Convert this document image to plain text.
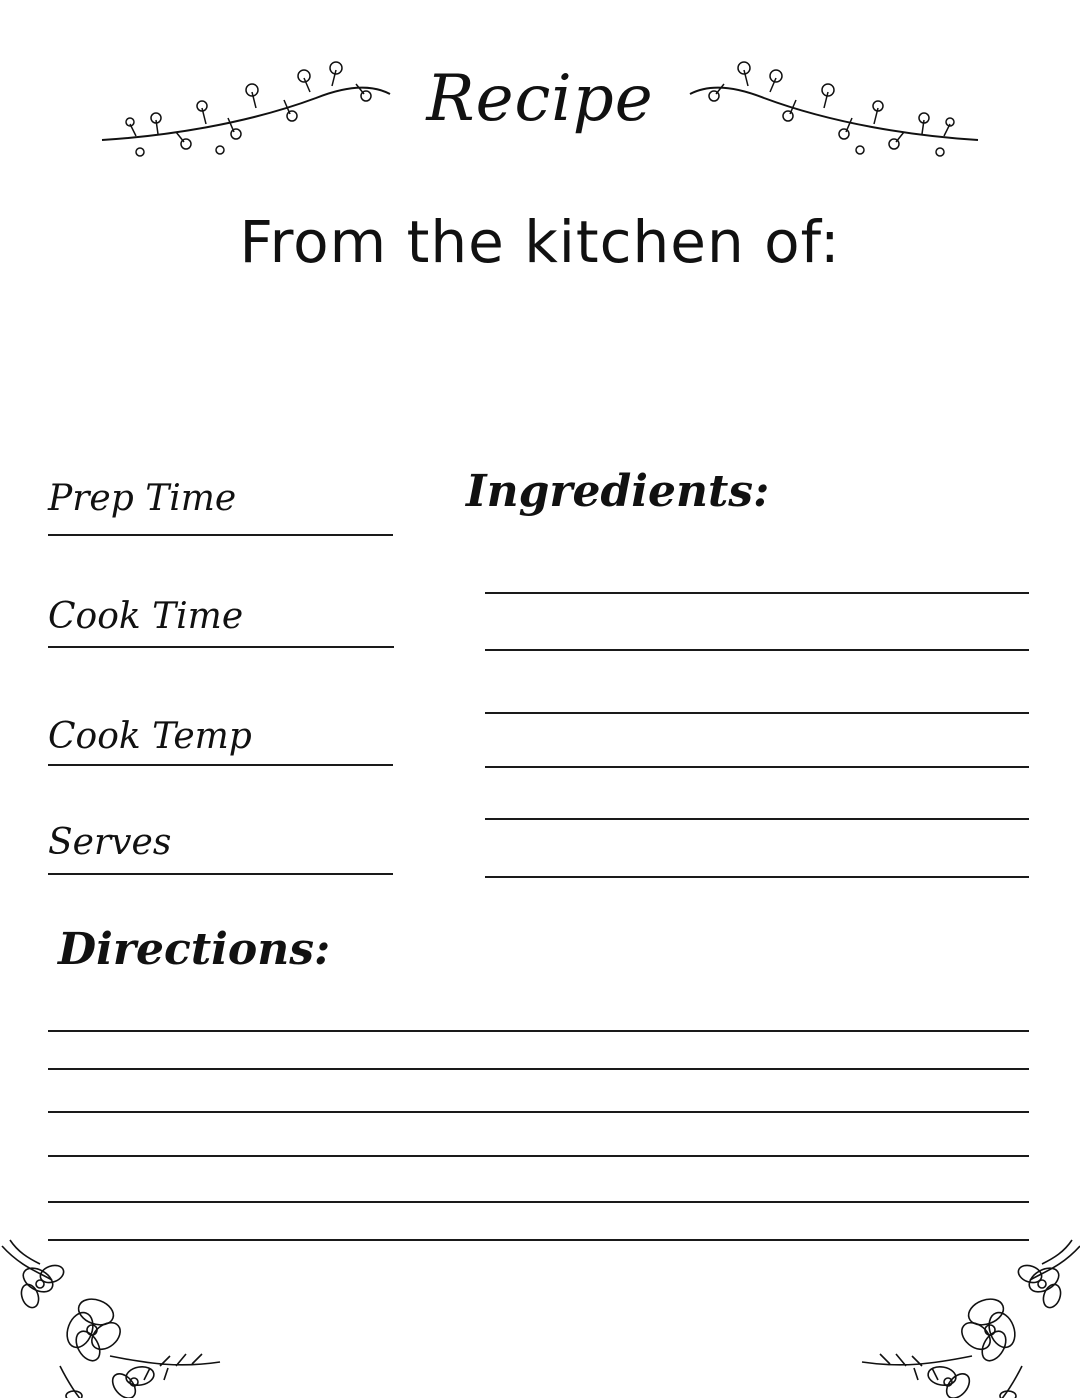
Recipe
From the kitchen of:
Prep Time
Cook Time
Cook Temp
Serves
Ingredients:
Directions:
